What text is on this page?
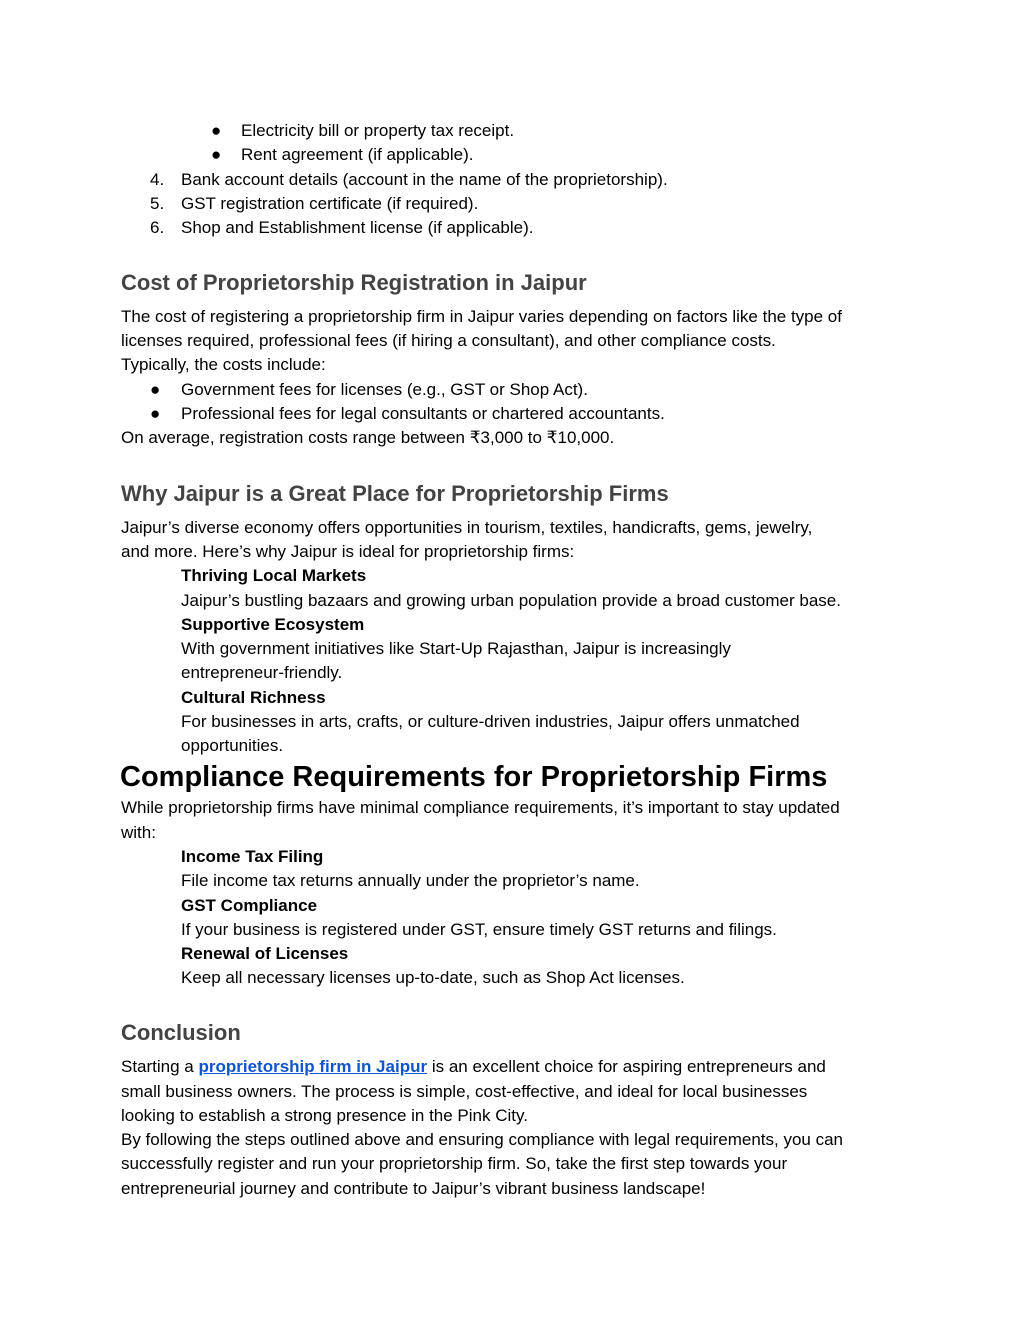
● Electricity bill or property tax receipt.
● Rent agreement (if applicable).
4. Bank account details (account in the name of the proprietorship).
5. GST registration certificate (if required).
6. Shop and Establishment license (if applicable).
Cost of Proprietorship Registration in Jaipur
The cost of registering a proprietorship firm in Jaipur varies depending on factors like the type of
licenses required, professional fees (if hiring a consultant), and other compliance costs.
Typically, the costs include:
● Government fees for licenses (e.g., GST or Shop Act).
● Professional fees for legal consultants or chartered accountants.
On average, registration costs range between ₹3,000 to ₹10,000.
Why Jaipur is a Great Place for Proprietorship Firms
Jaipur’s diverse economy offers opportunities in tourism, textiles, handicrafts, gems, jewelry,
and more. Here’s why Jaipur is ideal for proprietorship firms:
Thriving Local Markets
Jaipur’s bustling bazaars and growing urban population provide a broad customer base.
Supportive Ecosystem
With government initiatives like Start-Up Rajasthan, Jaipur is increasingly
entrepreneur-friendly.
Cultural Richness
For businesses in arts, crafts, or culture-driven industries, Jaipur offers unmatched
opportunities.
Compliance Requirements for Proprietorship Firms
While proprietorship firms have minimal compliance requirements, it’s important to stay updated
with:
Income Tax Filing
File income tax returns annually under the proprietor’s name.
GST Compliance
If your business is registered under GST, ensure timely GST returns and filings.
Renewal of Licenses
Keep all necessary licenses up-to-date, such as Shop Act licenses.
Conclusion
Starting a proprietorship firm in Jaipur is an excellent choice for aspiring entrepreneurs and
small business owners. The process is simple, cost-effective, and ideal for local businesses
looking to establish a strong presence in the Pink City.
By following the steps outlined above and ensuring compliance with legal requirements, you can
successfully register and run your proprietorship firm. So, take the first step towards your
entrepreneurial journey and contribute to Jaipur’s vibrant business landscape!
